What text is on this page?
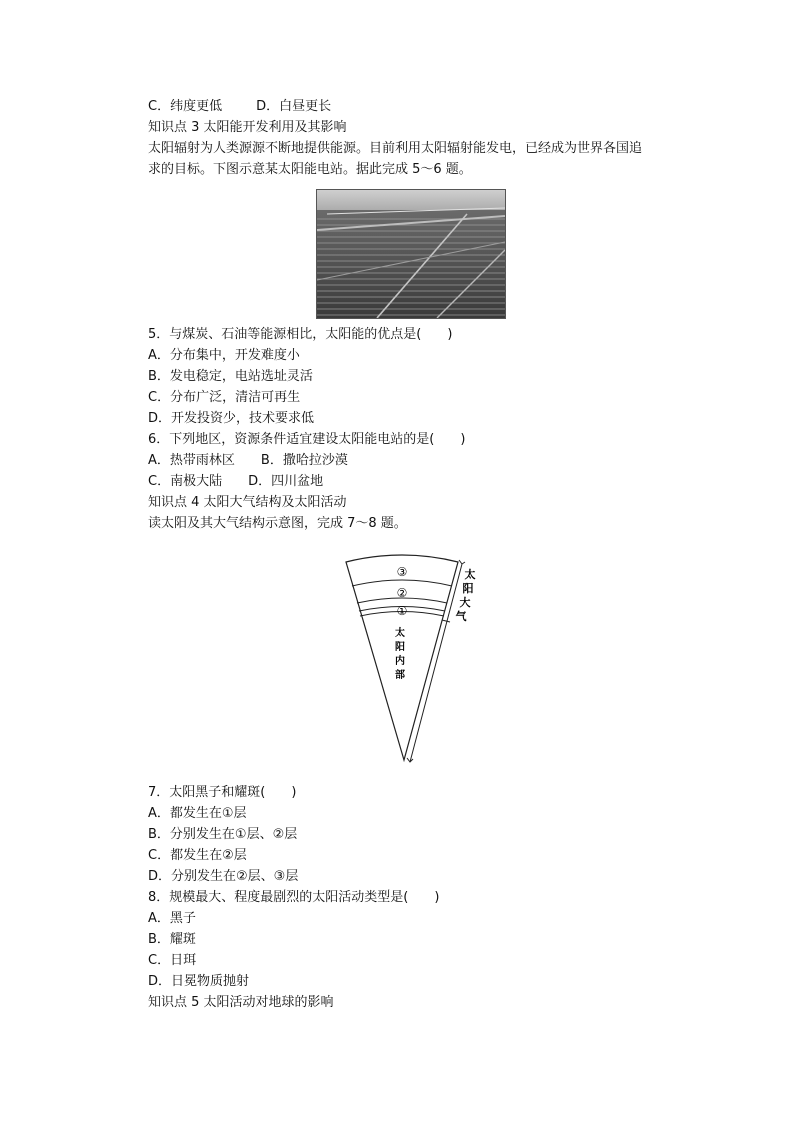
C．纬度更低	D．白昼更长
知识点 3 太阳能开发利用及其影响
太阳辐射为人类源源不断地提供能源。目前利用太阳辐射能发电，已经成为世界各国追
求的目标。下图示意某太阳能电站。据此完成 5～6 题。
5．与煤炭、石油等能源相比，太阳能的优点是(　　)
A．分布集中，开发难度小
B．发电稳定，电站选址灵活
C．分布广泛，清洁可再生
D．开发投资少，技术要求低
6．下列地区，资源条件适宜建设太阳能电站的是(　　)
A．热带雨林区 B．撒哈拉沙漠
C．南极大陆 D．四川盆地
知识点 4 太阳大气结构及太阳活动
读太阳及其大气结构示意图，完成 7～8 题。
③
②
①
太
阳
内
部
太
阳
大
气
7．太阳黑子和耀斑(　　)
A．都发生在①层
B．分别发生在①层、②层
C．都发生在②层
D．分别发生在②层、③层
8．规模最大、程度最剧烈的太阳活动类型是(　　)
A．黑子
B．耀斑
C．日珥
D．日冕物质抛射
知识点 5 太阳活动对地球的影响
